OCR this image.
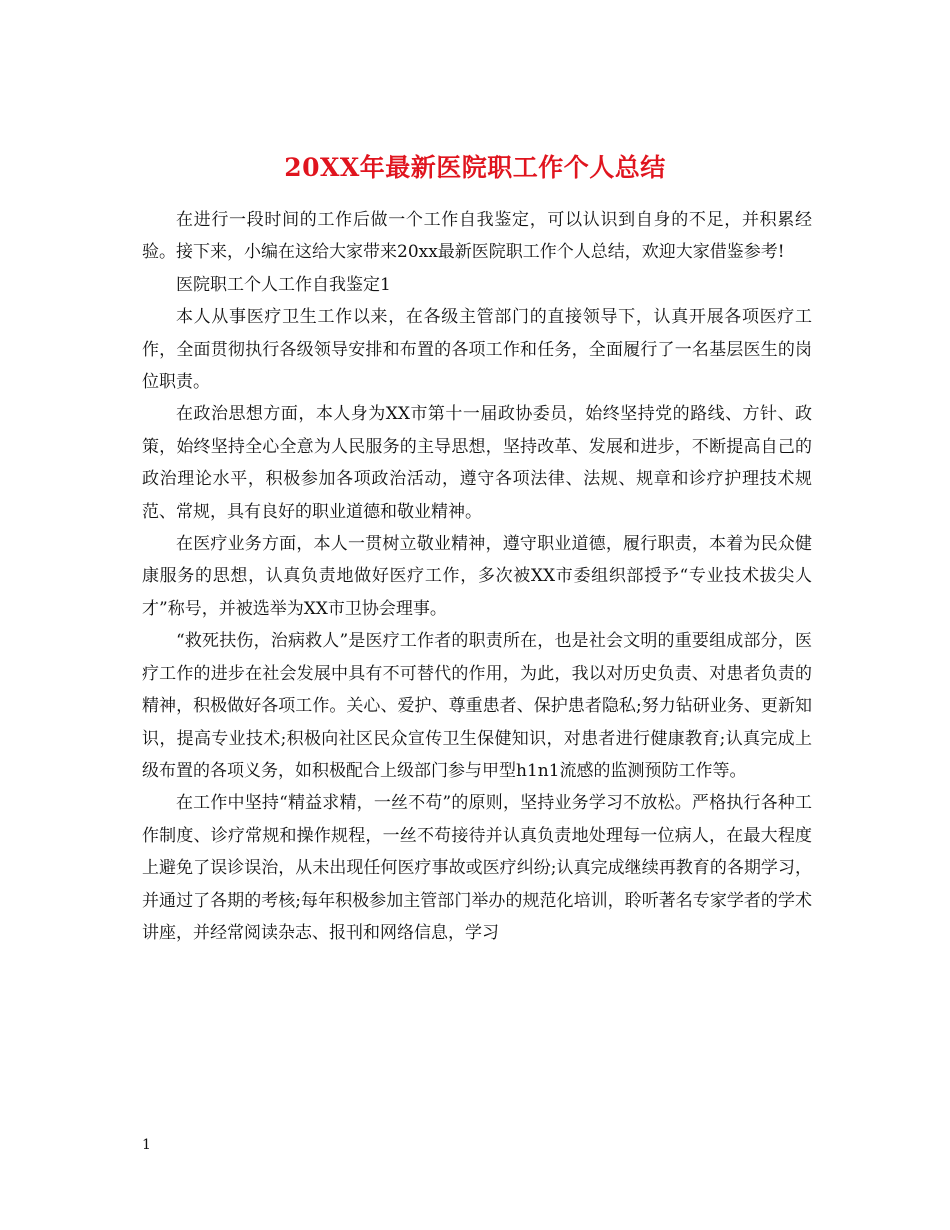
20XX年最新医院职工作个人总结

在进行一段时间的工作后做一个工作自我鉴定，可以认识到自身的不足，并积累经验。接下来，小编在这给大家带来20xx最新医院职工作个人总结，欢迎大家借鉴参考!

医院职工个人工作自我鉴定1

本人从事医疗卫生工作以来，在各级主管部门的直接领导下，认真开展各项医疗工作，全面贯彻执行各级领导安排和布置的各项工作和任务，全面履行了一名基层医生的岗位职责。

在政治思想方面，本人身为XX市第十一届政协委员，始终坚持党的路线、方针、政策，始终坚持全心全意为人民服务的主导思想，坚持改革、发展和进步，不断提高自己的政治理论水平，积极参加各项政治活动，遵守各项法律、法规、规章和诊疗护理技术规范、常规，具有良好的职业道德和敬业精神。

在医疗业务方面，本人一贯树立敬业精神，遵守职业道德，履行职责，本着为民众健康服务的思想，认真负责地做好医疗工作，多次被XX市委组织部授予“专业技术拔尖人才”称号，并被选举为XX市卫协会理事。

“救死扶伤，治病救人”是医疗工作者的职责所在，也是社会文明的重要组成部分，医疗工作的进步在社会发展中具有不可替代的作用，为此，我以对历史负责、对患者负责的精神，积极做好各项工作。关心、爱护、尊重患者、保护患者隐私;努力钻研业务、更新知识，提高专业技术;积极向社区民众宣传卫生保健知识，对患者进行健康教育;认真完成上级布置的各项义务，如积极配合上级部门参与甲型h1n1流感的监测预防工作等。

在工作中坚持“精益求精，一丝不苟”的原则，坚持业务学习不放松。严格执行各种工作制度、诊疗常规和操作规程，一丝不苟接待并认真负责地处理每一位病人，在最大程度上避免了误诊误治，从未出现任何医疗事故或医疗纠纷;认真完成继续再教育的各期学习，并通过了各期的考核;每年积极参加主管部门举办的规范化培训，聆听著名专家学者的学术讲座，并经常阅读杂志、报刊和网络信息，学习

1
